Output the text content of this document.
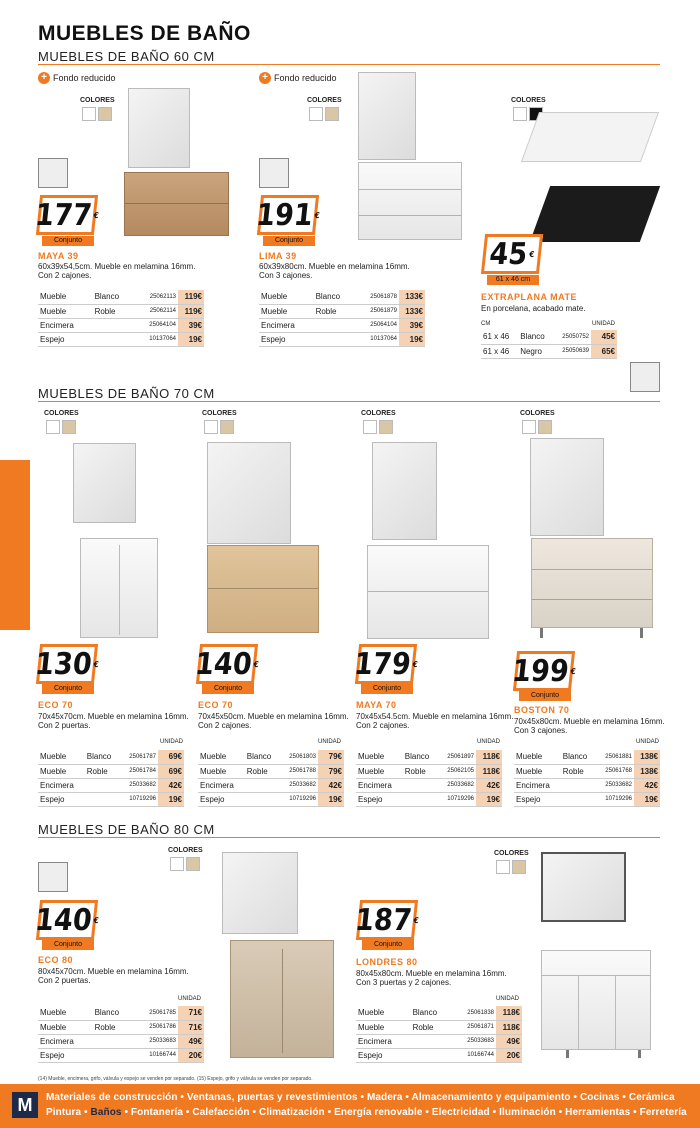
MUEBLES DE BAÑO
MUEBLES DE BAÑO 60 CM
BAÑOS
+ Fondo reducido
COLORES

177 €
Conjunto
MAYA 39
60x39x54,5cm. Mueble en melamina 16mm.
Con 2 cajones.
Mueble	Blanco	25062113	119€
Mueble	Roble	25062114	119€
Encimera		25064104	39€
Espejo		10137064	19€
+ Fondo reducido
COLORES

191 €
Conjunto
LIMA 39
60x39x80cm. Mueble en melamina 16mm.
Con 3 cajones.
Mueble	Blanco	25061878	133€
Mueble	Roble	25061879	133€
Encimera		25064104	39€
Espejo		10137064	19€
COLORES

45 €
61 x 46 cm
EXTRAPLANA MATE
En porcelana, acabado mate.
CM	UNIDAD
61 x 46	Blanco	25050752	45€
61 x 46	Negro	25050639	65€
MUEBLES DE BAÑO 70 CM
COLORES

130 €
Conjunto
ECO 70
70x45x70cm. Mueble en melamina 16mm.
Con 2 puertas.
UNIDAD
Mueble	Blanco	25061787	69€
Mueble	Roble	25061784	69€
Encimera		25033682	42€
Espejo		10719296	19€
COLORES

140 €
Conjunto
ECO 70
70x45x50cm. Mueble en melamina 16mm.
Con 2 cajones.
UNIDAD
Mueble	Blanco	25061803	79€
Mueble	Roble	25061788	79€
Encimera		25033682	42€
Espejo		10719296	19€
COLORES

179 €
Conjunto
MAYA 70
70x45x54.5cm. Mueble en melamina 16mm.
Con 2 cajones.
UNIDAD
Mueble	Blanco	25061897	118€
Mueble	Roble	25062105	118€
Encimera		25033682	42€
Espejo		10719296	19€
COLORES

199 €
Conjunto
BOSTON 70
70x45x80cm. Mueble en melamina 16mm.
Con 3 cajones.
UNIDAD
Mueble	Blanco	25061881	138€
Mueble	Roble	25061768	138€
Encimera		25033682	42€
Espejo		10719296	19€
MUEBLES DE BAÑO 80 CM
COLORES

140 €
Conjunto
ECO 80
80x45x70cm. Mueble en melamina 16mm.
Con 2 puertas.
UNIDAD
Mueble	Blanco	25061785	71€
Mueble	Roble	25061786	71€
Encimera		25033683	49€
Espejo		10166744	20€
COLORES

187 €
Conjunto
LONDRES 80
80x45x80cm. Mueble en melamina 16mm.
Con 3 puertas y 2 cajones.
UNIDAD
Mueble	Blanco	25061838	118€
Mueble	Roble	25061871	118€
Encimera		25033683	49€
Espejo		10166744	20€
(14) Mueble, encimera, grifo, válvula y espejo se venden por separado. (15) Espejo, grifo y válvula se venden por separado.
M	Materiales de construcción • Ventanas, puertas y revestimientos • Madera • Almacenamiento y equipamiento • Cocinas • Cerámica
Pintura • Baños • Fontanería • Calefacción • Climatización • Energía renovable • Electricidad • Iluminación • Herramientas • Ferretería
